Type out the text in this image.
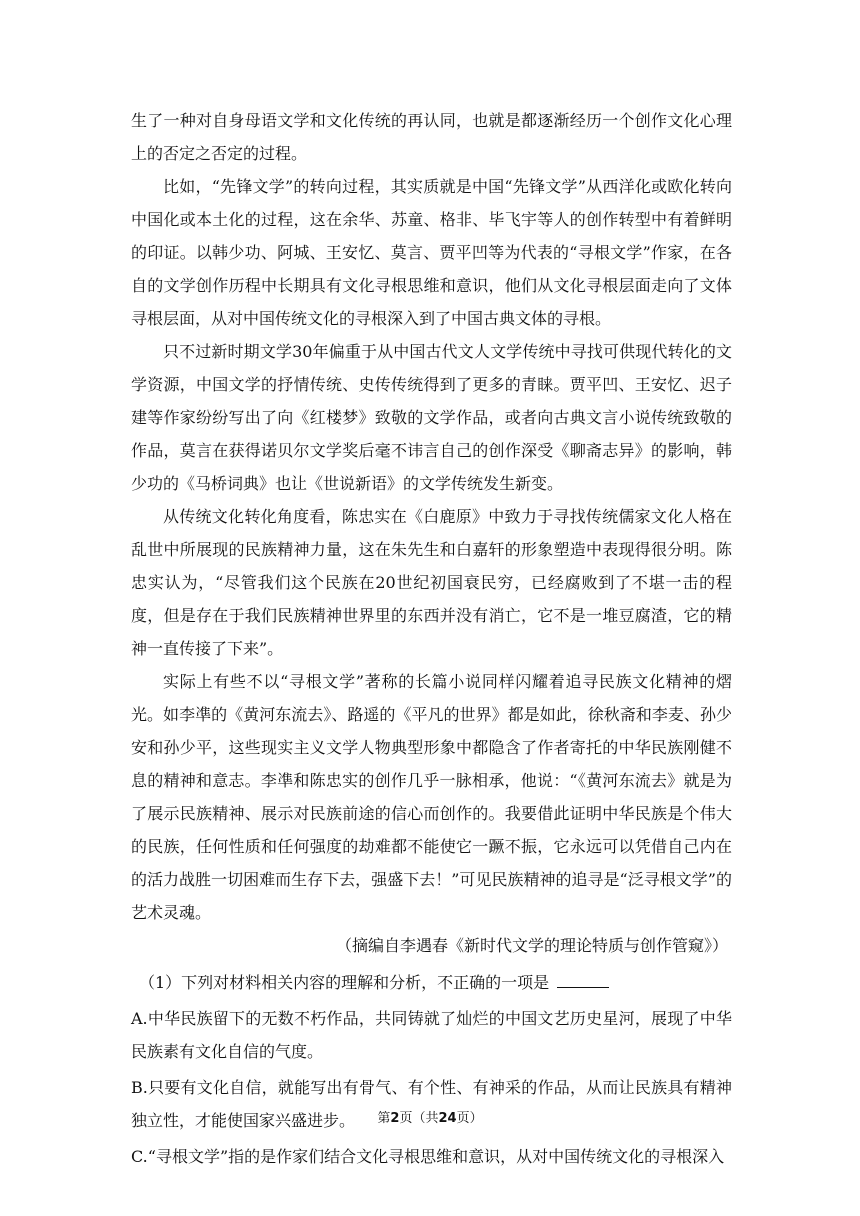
生了一种对自身母语文学和文化传统的再认同，也就是都逐渐经历一个创作文化心理上的否定之否定的过程。

比如，“先锋文学”的转向过程，其实质就是中国“先锋文学”从西洋化或欧化转向中国化或本土化的过程，这在余华、苏童、格非、毕飞宇等人的创作转型中有着鲜明的印证。以韩少功、阿城、王安忆、莫言、贾平凹等为代表的“寻根文学”作家，在各自的文学创作历程中长期具有文化寻根思维和意识，他们从文化寻根层面走向了文体寻根层面，从对中国传统文化的寻根深入到了中国古典文体的寻根。

只不过新时期文学30年偏重于从中国古代文人文学传统中寻找可供现代转化的文学资源，中国文学的抒情传统、史传传统得到了更多的青睐。贾平凹、王安忆、迟子建等作家纷纷写出了向《红楼梦》致敬的文学作品，或者向古典文言小说传统致敬的作品，莫言在获得诺贝尔文学奖后毫不讳言自己的创作深受《聊斋志异》的影响，韩少功的《马桥词典》也让《世说新语》的文学传统发生新变。

从传统文化转化角度看，陈忠实在《白鹿原》中致力于寻找传统儒家文化人格在乱世中所展现的民族精神力量，这在朱先生和白嘉轩的形象塑造中表现得很分明。陈忠实认为，“尽管我们这个民族在20世纪初国衰民穷，已经腐败到了不堪一击的程度，但是存在于我们民族精神世界里的东西并没有消亡，它不是一堆豆腐渣，它的精神一直传接了下来”。

实际上有些不以“寻根文学”著称的长篇小说同样闪耀着追寻民族文化精神的熠光。如李凖的《黄河东流去》、路遥的《平凡的世界》都是如此，徐秋斋和李麦、孙少安和孙少平，这些现实主义文学人物典型形象中都隐含了作者寄托的中华民族刚健不息的精神和意志。李凖和陈忠实的创作几乎一脉相承，他说：“《黄河东流去》就是为了展示民族精神、展示对民族前途的信心而创作的。我要借此证明中华民族是个伟大的民族，任何性质和任何强度的劫难都不能使它一蹶不振，它永远可以凭借自己内在的活力战胜一切困难而生存下去，强盛下去！”可见民族精神的追寻是“泛寻根文学”的艺术灵魂。

（摘编自李遇春《新时代文学的理论特质与创作管窥》）

（1）下列对材料相关内容的理解和分析，不正确的一项是

A.中华民族留下的无数不朽作品，共同铸就了灿烂的中国文艺历史星河，展现了中华民族素有文化自信的气度。

B.只要有文化自信，就能写出有骨气、有个性、有神采的作品，从而让民族具有精神独立性，才能使国家兴盛进步。

C.“寻根文学”指的是作家们结合文化寻根思维和意识，从对中国传统文化的寻根深入

第2页（共24页）
